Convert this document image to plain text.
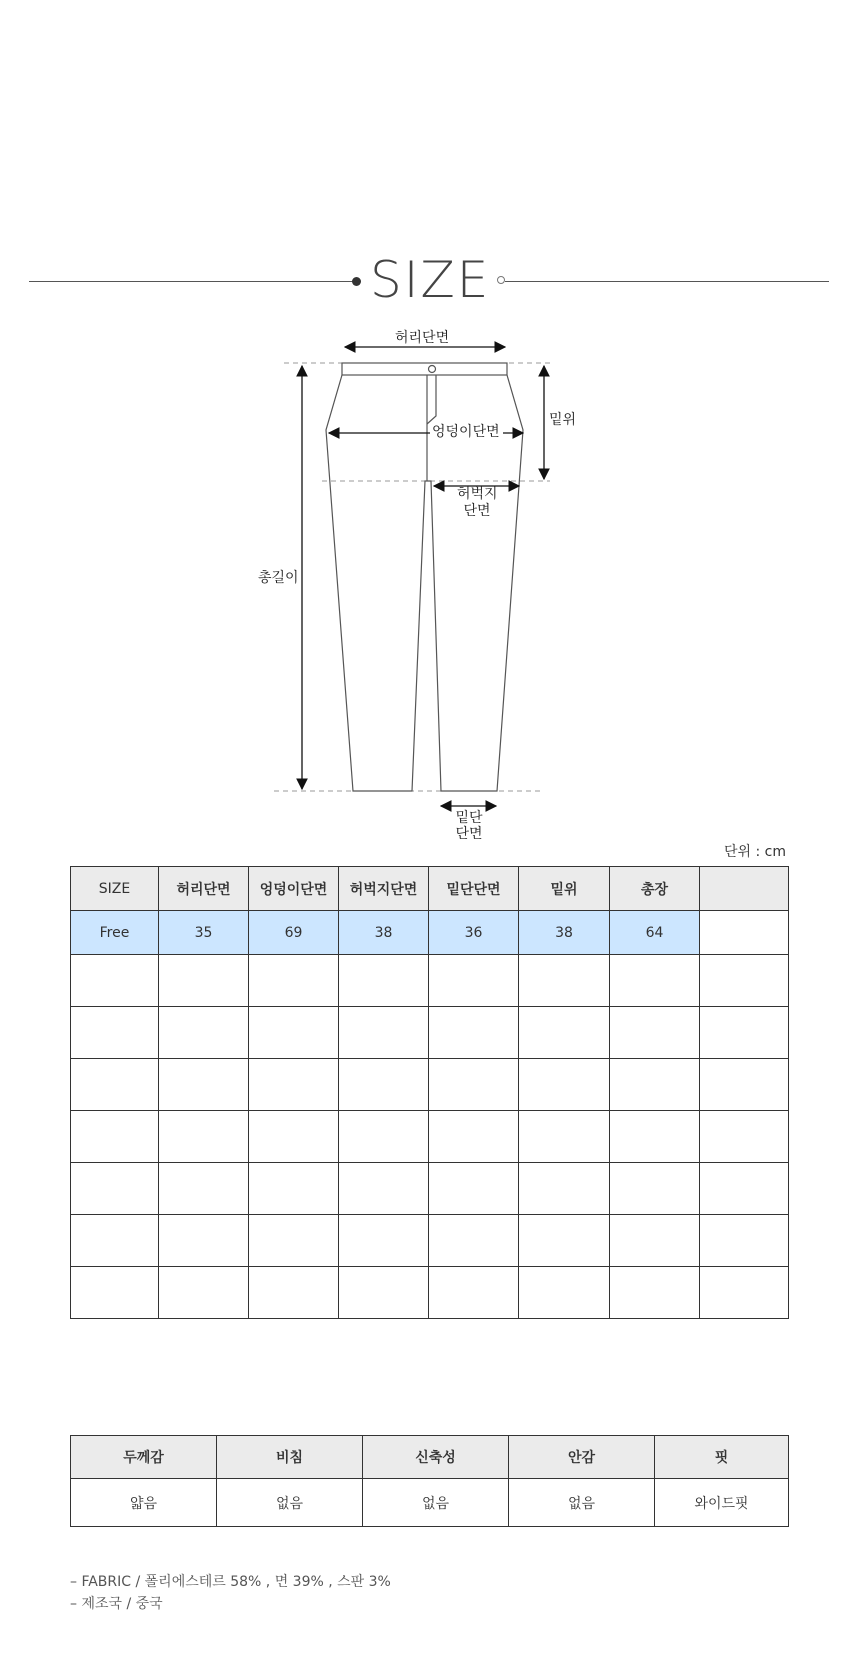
SIZE
허리단면
엉덩이단면
밑위
허벅지
단면
총길이
밑단
단면
단위 : cm
SIZE	허리단면	엉덩이단면	허벅지단면	밑단단면	밑위	총장	
Free	35	69	38	36	38	64	

두께감	비침	신축성	안감	핏
얇음	없음	없음	없음	와이드핏
– FABRIC / 폴리에스테르 58% , 면 39% , 스판 3%
– 제조국 / 중국
